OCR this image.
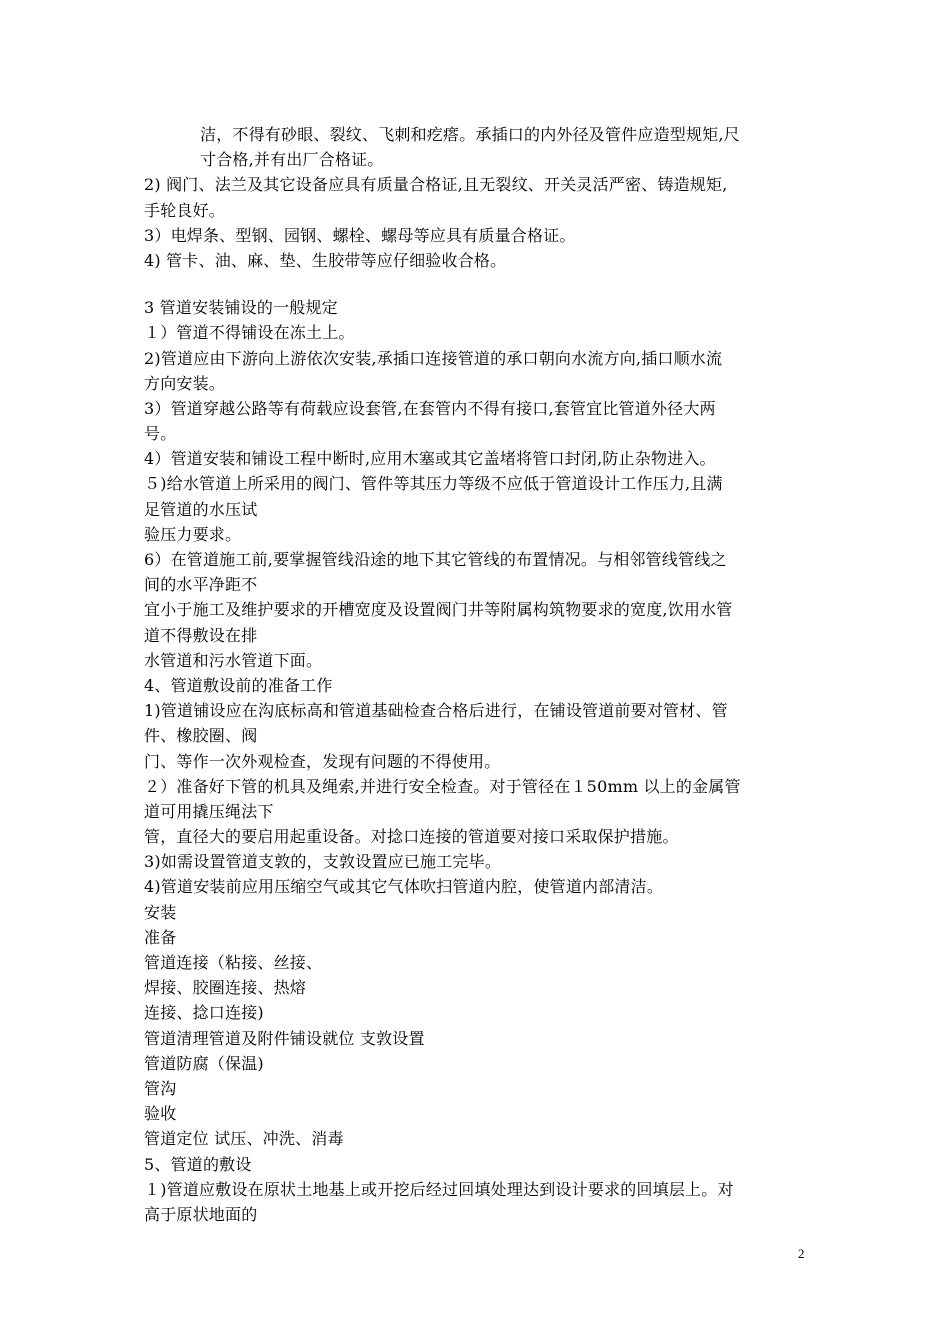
洁，不得有砂眼、裂纹、飞刺和疙瘩。承插口的内外径及管件应造型规矩,尺
寸合格,并有出厂合格证。
2) 阀门、法兰及其它设备应具有质量合格证,且无裂纹、开关灵活严密、铸造规矩,
手轮良好。
3）电焊条、型钢、园钢、螺栓、螺母等应具有质量合格证。
4) 管卡、油、麻、垫、生胶带等应仔细验收合格。
3 管道安装铺设的一般规定
１）管道不得铺设在冻土上。
2)管道应由下游向上游依次安装,承插口连接管道的承口朝向水流方向,插口顺水流
方向安装。
3）管道穿越公路等有荷载应设套管,在套管内不得有接口,套管宜比管道外径大两
号。
4）管道安装和铺设工程中断时,应用木塞或其它盖堵将管口封闭,防止杂物进入。
５)给水管道上所采用的阀门、管件等其压力等级不应低于管道设计工作压力,且满
足管道的水压试
验压力要求。
6）在管道施工前,要掌握管线沿途的地下其它管线的布置情况。与相邻管线管线之
间的水平净距不
宜小于施工及维护要求的开槽宽度及设置阀门井等附属构筑物要求的宽度,饮用水管
道不得敷设在排
水管道和污水管道下面。
4、管道敷设前的准备工作
1)管道铺设应在沟底标高和管道基础检查合格后进行，在铺设管道前要对管材、管
件、橡胶圈、阀
门、等作一次外观检查，发现有问题的不得使用。
２）准备好下管的机具及绳索,并进行安全检查。对于管径在１50mm 以上的金属管
道可用撬压绳法下
管，直径大的要启用起重设备。对捻口连接的管道要对接口采取保护措施。
3)如需设置管道支敦的，支敦设置应已施工完毕。
4)管道安装前应用压缩空气或其它气体吹扫管道内腔，使管道内部清洁。
安装
准备
管道连接（粘接、丝接、
焊接、胶圈连接、热熔
连接、捻口连接)
管道清理管道及附件铺设就位 支敦设置
管道防腐（保温)
管沟
验收
管道定位 试压、冲洗、消毒
5、管道的敷设
１)管道应敷设在原状土地基上或开挖后经过回填处理达到设计要求的回填层上。对
高于原状地面的
2
